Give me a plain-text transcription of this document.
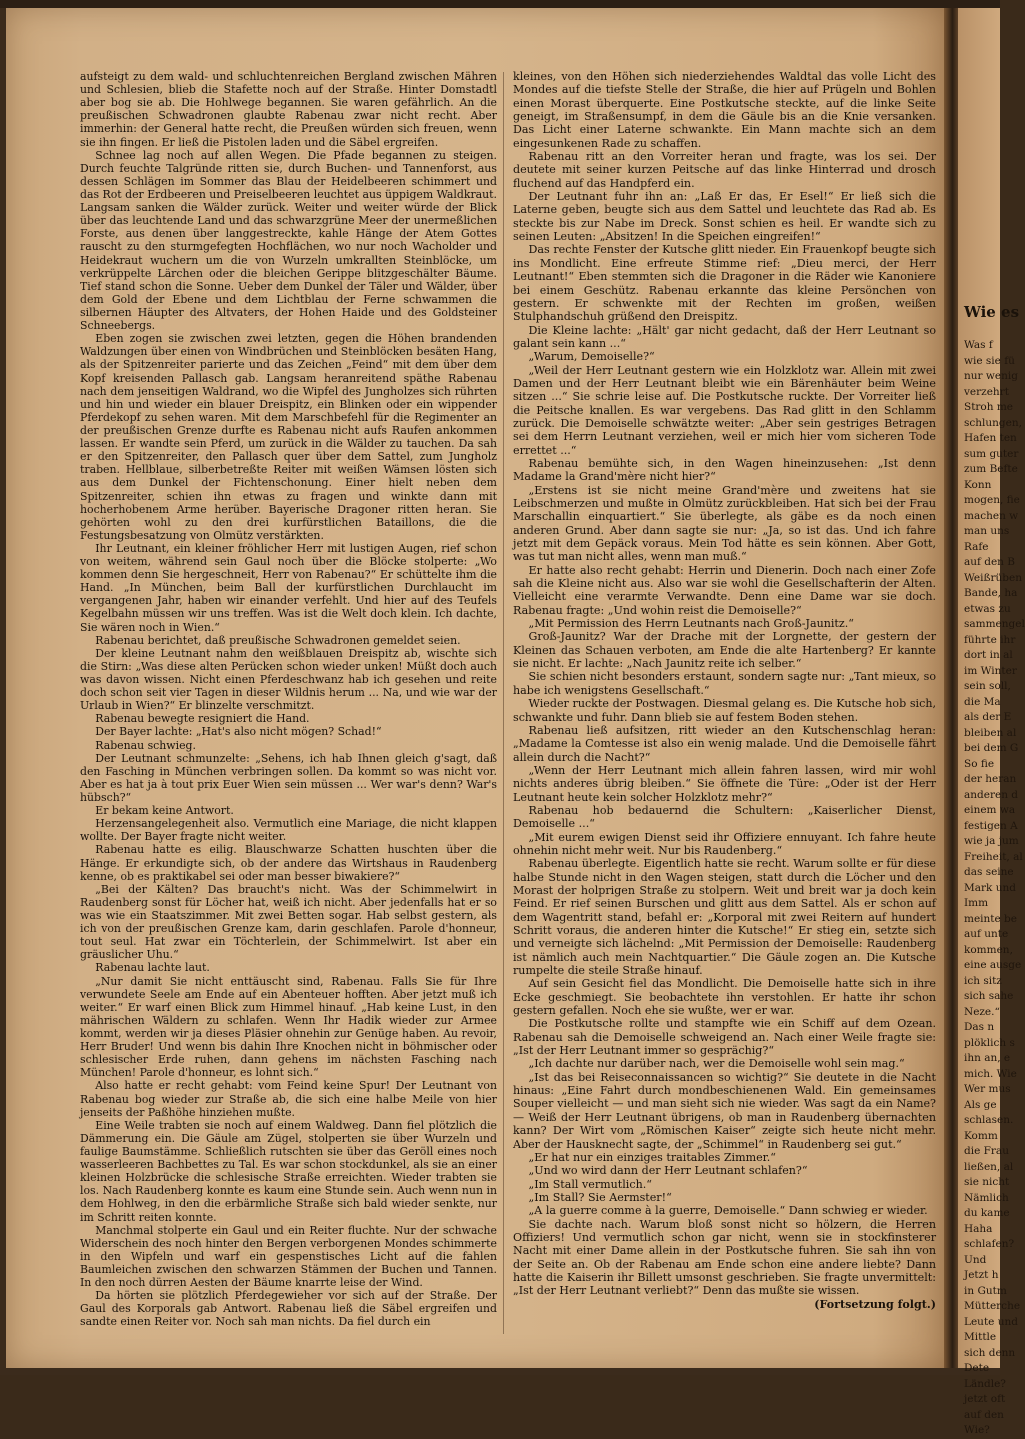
Wie es
Was f
wie sie fü
nur wenig
verzehrt
Stroh me
schlungen,
Hafen ten
sum guter
zum Befte
Konn
mogen, fie
machen w
man uns
Rafe
auf den B
Weißrüben
Bande, ha
etwas zu
sammengel
führte ihr
dort in al
im Winter
sein soll,
die Ma
als der E
bleiben al
bei dem G
So fie
der heran
anderen d
einem wa
festigen A
wie ja jum
Freiheit, al
das seine
Mark und
Imm
meinte be
auf unte
kommen,
eine ausge
ich sitz
sich sahe
Neze.“
Das n
plöklich s
ihn an, e
mich. Wie
Wer mus
Als ge
schlasen.
Komm
die Frau
ließen, al
sie nicht
Nämlich
du kame
Haha
schlafen?
Und
Jetzt h
in Gutm
Mütterche
Leute und
Mittle
sich denn
Dete
Ländle?
jetzt oft
auf den
Wie?

aufsteigt zu dem wald- und schluchtenreichen Bergland zwischen Mähren und Schlesien, blieb die Stafette noch auf der Straße. Hinter Domstadtl aber bog sie ab. Die Hohlwege begannen. Sie waren gefährlich. An die preußischen Schwadronen glaubte Rabenau zwar nicht recht. Aber immerhin: der General hatte recht, die Preußen würden sich freuen, wenn sie ihn fingen. Er ließ die Pistolen laden und die Säbel ergreifen.

Schnee lag noch auf allen Wegen. Die Pfade begannen zu steigen. Durch feuchte Talgründe ritten sie, durch Buchen- und Tannenforst, aus dessen Schlägen im Sommer das Blau der Heidelbeeren schimmert und das Rot der Erdbeeren und Preiselbeeren leuchtet aus üppigem Waldkraut. Langsam sanken die Wälder zurück. Weiter und weiter würde der Blick über das leuchtende Land und das schwarzgrüne Meer der unermeßlichen Forste, aus denen über langgestreckte, kahle Hänge der Atem Gottes rauscht zu den sturmgefegten Hochflächen, wo nur noch Wacholder und Heidekraut wuchern um die von Wurzeln umkrallten Steinblöcke, um verkrüppelte Lärchen oder die bleichen Gerippe blitzgeschälter Bäume. Tief stand schon die Sonne. Ueber dem Dunkel der Täler und Wälder, über dem Gold der Ebene und dem Lichtblau der Ferne schwammen die silbernen Häupter des Altvaters, der Hohen Haide und des Goldsteiner Schneebergs.

Eben zogen sie zwischen zwei letzten, gegen die Höhen brandenden Waldzungen über einen von Windbrüchen und Steinblöcken besäten Hang, als der Spitzenreiter parierte und das Zeichen „Feind“ mit dem über dem Kopf kreisenden Pallasch gab. Langsam heranreitend späthe Rabenau nach dem jenseitigen Waldrand, wo die Wipfel des Jungholzes sich rührten und hin und wieder ein blauer Dreispitz, ein Blinken oder ein wippender Pferdekopf zu sehen waren. Mit dem Marschbefehl für die Regimenter an der preußischen Grenze durfte es Rabenau nicht aufs Raufen ankommen lassen. Er wandte sein Pferd, um zurück in die Wälder zu tauchen. Da sah er den Spitzenreiter, den Pallasch quer über dem Sattel, zum Jungholz traben. Hellblaue, silberbetreßte Reiter mit weißen Wämsen lösten sich aus dem Dunkel der Fichtenschonung. Einer hielt neben dem Spitzenreiter, schien ihn etwas zu fragen und winkte dann mit hocherhobenem Arme herüber. Bayerische Dragoner ritten heran. Sie gehörten wohl zu den drei kurfürstlichen Bataillons, die die Festungsbesatzung von Olmütz verstärkten.

Ihr Leutnant, ein kleiner fröhlicher Herr mit lustigen Augen, rief schon von weitem, während sein Gaul noch über die Blöcke stolperte: „Wo kommen denn Sie hergeschneit, Herr von Rabenau?“ Er schüttelte ihm die Hand. „In München, beim Ball der kurfürstlichen Durchlaucht im vergangenen Jahr, haben wir einander verfehlt. Und hier auf des Teufels Kegelbahn müssen wir uns treffen. Was ist die Welt doch klein. Ich dachte, Sie wären noch in Wien.“

Rabenau berichtet, daß preußische Schwadronen gemeldet seien.

Der kleine Leutnant nahm den weißblauen Dreispitz ab, wischte sich die Stirn: „Was diese alten Perücken schon wieder unken! Müßt doch auch was davon wissen. Nicht einen Pferdeschwanz hab ich gesehen und reite doch schon seit vier Tagen in dieser Wildnis herum ... Na, und wie war der Urlaub in Wien?“ Er blinzelte verschmitzt.

Rabenau bewegte resigniert die Hand.

Der Bayer lachte: „Hat's also nicht mögen? Schad!“

Rabenau schwieg.

Der Leutnant schmunzelte: „Sehens, ich hab Ihnen gleich g'sagt, daß den Fasching in München verbringen sollen. Da kommt so was nicht vor. Aber es hat ja à tout prix Euer Wien sein müssen ... Wer war's denn? War's hübsch?“

Er bekam keine Antwort.

Herzensangelegenheit also. Vermutlich eine Mariage, die nicht klappen wollte. Der Bayer fragte nicht weiter.

Rabenau hatte es eilig. Blauschwarze Schatten huschten über die Hänge. Er erkundigte sich, ob der andere das Wirtshaus in Raudenberg kenne, ob es praktikabel sei oder man besser biwakiere?“

„Bei der Kälten? Das braucht's nicht. Was der Schimmelwirt in Raudenberg sonst für Löcher hat, weiß ich nicht. Aber jedenfalls hat er so was wie ein Staatszimmer. Mit zwei Betten sogar. Hab selbst gestern, als ich von der preußischen Grenze kam, darin geschlafen. Parole d'honneur, tout seul. Hat zwar ein Töchterlein, der Schimmelwirt. Ist aber ein gräuslicher Uhu.“

Rabenau lachte laut.

„Nur damit Sie nicht enttäuscht sind, Rabenau. Falls Sie für Ihre verwundete Seele am Ende auf ein Abenteuer hofften. Aber jetzt muß ich weiter.“ Er warf einen Blick zum Himmel hinauf. „Hab keine Lust, in den mährischen Wäldern zu schlafen. Wenn Ihr Hadik wieder zur Armee kommt, werden wir ja dieses Pläsier ohnehin zur Genüge haben. Au revoir, Herr Bruder! Und wenn bis dahin Ihre Knochen nicht in böhmischer oder schlesischer Erde ruhen, dann gehens im nächsten Fasching nach München! Parole d'honneur, es lohnt sich.“

Also hatte er recht gehabt: vom Feind keine Spur! Der Leutnant von Rabenau bog wieder zur Straße ab, die sich eine halbe Meile von hier jenseits der Paßhöhe hinziehen mußte.

Eine Weile trabten sie noch auf einem Waldweg. Dann fiel plötzlich die Dämmerung ein. Die Gäule am Zügel, stolperten sie über Wurzeln und faulige Baumstämme. Schließlich rutschten sie über das Geröll eines noch wasserleeren Bachbettes zu Tal. Es war schon stockdunkel, als sie an einer kleinen Holzbrücke die schlesische Straße erreichten. Wieder trabten sie los. Nach Raudenberg konnte es kaum eine Stunde sein. Auch wenn nun in dem Hohlweg, in den die erbärmliche Straße sich bald wieder senkte, nur im Schritt reiten konnte.

Manchmal stolperte ein Gaul und ein Reiter fluchte. Nur der schwache Widerschein des noch hinter den Bergen verborgenen Mondes schimmerte in den Wipfeln und warf ein gespenstisches Licht auf die fahlen Baumleichen zwischen den schwarzen Stämmen der Buchen und Tannen. In den noch dürren Aesten der Bäume knarrte leise der Wind.

Da hörten sie plötzlich Pferdegewieher vor sich auf der Straße. Der Gaul des Korporals gab Antwort. Rabenau ließ die Säbel ergreifen und sandte einen Reiter vor. Noch sah man nichts. Da fiel durch ein

kleines, von den Höhen sich niederziehendes Waldtal das volle Licht des Mondes auf die tiefste Stelle der Straße, die hier auf Prügeln und Bohlen einen Morast überquerte. Eine Postkutsche steckte, auf die linke Seite geneigt, im Straßensumpf, in dem die Gäule bis an die Knie versanken. Das Licht einer Laterne schwankte. Ein Mann machte sich an dem eingesunkenen Rade zu schaffen.

Rabenau ritt an den Vorreiter heran und fragte, was los sei. Der deutete mit seiner kurzen Peitsche auf das linke Hinterrad und drosch fluchend auf das Handpferd ein.

Der Leutnant fuhr ihn an: „Laß Er das, Er Esel!“ Er ließ sich die Laterne geben, beugte sich aus dem Sattel und leuchtete das Rad ab. Es steckte bis zur Nabe im Dreck. Sonst schien es heil. Er wandte sich zu seinen Leuten: „Absitzen! In die Speichen eingreifen!“

Das rechte Fenster der Kutsche glitt nieder. Ein Frauenkopf beugte sich ins Mondlicht. Eine erfreute Stimme rief: „Dieu merci, der Herr Leutnant!“ Eben stemmten sich die Dragoner in die Räder wie Kanoniere bei einem Geschütz. Rabenau erkannte das kleine Persönchen von gestern. Er schwenkte mit der Rechten im großen, weißen Stulphandschuh grüßend den Dreispitz.

Die Kleine lachte: „Hält' gar nicht gedacht, daß der Herr Leutnant so galant sein kann ...“

„Warum, Demoiselle?“

„Weil der Herr Leutnant gestern wie ein Holzklotz war. Allein mit zwei Damen und der Herr Leutnant bleibt wie ein Bärenhäuter beim Weine sitzen ...“ Sie schrie leise auf. Die Postkutsche ruckte. Der Vorreiter ließ die Peitsche knallen. Es war vergebens. Das Rad glitt in den Schlamm zurück. Die Demoiselle schwätzte weiter: „Aber sein gestriges Betragen sei dem Herrn Leutnant verziehen, weil er mich hier vom sicheren Tode errettet ...“

Rabenau bemühte sich, in den Wagen hineinzusehen: „Ist denn Madame la Grand'mère nicht hier?“

„Erstens ist sie nicht meine Grand'mère und zweitens hat sie Leibschmerzen und mußte in Olmütz zurückbleiben. Hat sich bei der Frau Marschallin einquartiert.“ Sie überlegte, als gäbe es da noch einen anderen Grund. Aber dann sagte sie nur: „Ja, so ist das. Und ich fahre jetzt mit dem Gepäck voraus. Mein Tod hätte es sein können. Aber Gott, was tut man nicht alles, wenn man muß.“

Er hatte also recht gehabt: Herrin und Dienerin. Doch nach einer Zofe sah die Kleine nicht aus. Also war sie wohl die Gesellschafterin der Alten. Vielleicht eine verarmte Verwandte. Denn eine Dame war sie doch. Rabenau fragte: „Und wohin reist die Demoiselle?“

„Mit Permission des Herrn Leutnants nach Groß-Jaunitz.“

Groß-Jaunitz? War der Drache mit der Lorgnette, der gestern der Kleinen das Schauen verboten, am Ende die alte Hartenberg? Er kannte sie nicht. Er lachte: „Nach Jaunitz reite ich selber.“

Sie schien nicht besonders erstaunt, sondern sagte nur: „Tant mieux, so habe ich wenigstens Gesellschaft.“

Wieder ruckte der Postwagen. Diesmal gelang es. Die Kutsche hob sich, schwankte und fuhr. Dann blieb sie auf festem Boden stehen.

Rabenau ließ aufsitzen, ritt wieder an den Kutschenschlag heran: „Madame la Comtesse ist also ein wenig malade. Und die Demoiselle fährt allein durch die Nacht?“

„Wenn der Herr Leutnant mich allein fahren lassen, wird mir wohl nichts anderes übrig bleiben.“ Sie öffnete die Türe: „Oder ist der Herr Leutnant heute kein solcher Holzklotz mehr?“

Rabenau hob bedauernd die Schultern: „Kaiserlicher Dienst, Demoiselle ...“

„Mit eurem ewigen Dienst seid ihr Offiziere ennuyant. Ich fahre heute ohnehin nicht mehr weit. Nur bis Raudenberg.“

Rabenau überlegte. Eigentlich hatte sie recht. Warum sollte er für diese halbe Stunde nicht in den Wagen steigen, statt durch die Löcher und den Morast der holprigen Straße zu stolpern. Weit und breit war ja doch kein Feind. Er rief seinen Burschen und glitt aus dem Sattel. Als er schon auf dem Wagentritt stand, befahl er: „Korporal mit zwei Reitern auf hundert Schritt voraus, die anderen hinter die Kutsche!“ Er stieg ein, setzte sich und verneigte sich lächelnd: „Mit Permission der Demoiselle: Raudenberg ist nämlich auch mein Nachtquartier.“ Die Gäule zogen an. Die Kutsche rumpelte die steile Straße hinauf.

Auf sein Gesicht fiel das Mondlicht. Die Demoiselle hatte sich in ihre Ecke geschmiegt. Sie beobachtete ihn verstohlen. Er hatte ihr schon gestern gefallen. Noch ehe sie wußte, wer er war.

Die Postkutsche rollte und stampfte wie ein Schiff auf dem Ozean. Rabenau sah die Demoiselle schweigend an. Nach einer Weile fragte sie: „Ist der Herr Leutnant immer so gesprächig?“

„Ich dachte nur darüber nach, wer die Demoiselle wohl sein mag.“

„Ist das bei Reiseconnaissancen so wichtig?“ Sie deutete in die Nacht hinaus: „Eine Fahrt durch mondbeschienenen Wald. Ein gemeinsames Souper vielleicht — und man sieht sich nie wieder. Was sagt da ein Name? — Weiß der Herr Leutnant übrigens, ob man in Raudenberg übernachten kann? Der Wirt vom „Römischen Kaiser“ zeigte sich heute nicht mehr. Aber der Hausknecht sagte, der „Schimmel“ in Raudenberg sei gut.“

„Er hat nur ein einziges traitables Zimmer.“

„Und wo wird dann der Herr Leutnant schlafen?“

„Im Stall vermutlich.“

„Im Stall? Sie Aermster!“

„A la guerre comme à la guerre, Demoiselle.“ Dann schwieg er wieder.

Sie dachte nach. Warum bloß sonst nicht so hölzern, die Herren Offiziers! Und vermutlich schon gar nicht, wenn sie in stockfinsterer Nacht mit einer Dame allein in der Postkutsche fuhren. Sie sah ihn von der Seite an. Ob der Rabenau am Ende schon eine andere liebte? Dann hatte die Kaiserin ihr Billett umsonst geschrieben. Sie fragte unvermittelt: „Ist der Herr Leutnant verliebt?“ Denn das mußte sie wissen.

(Fortsetzung folgt.)
